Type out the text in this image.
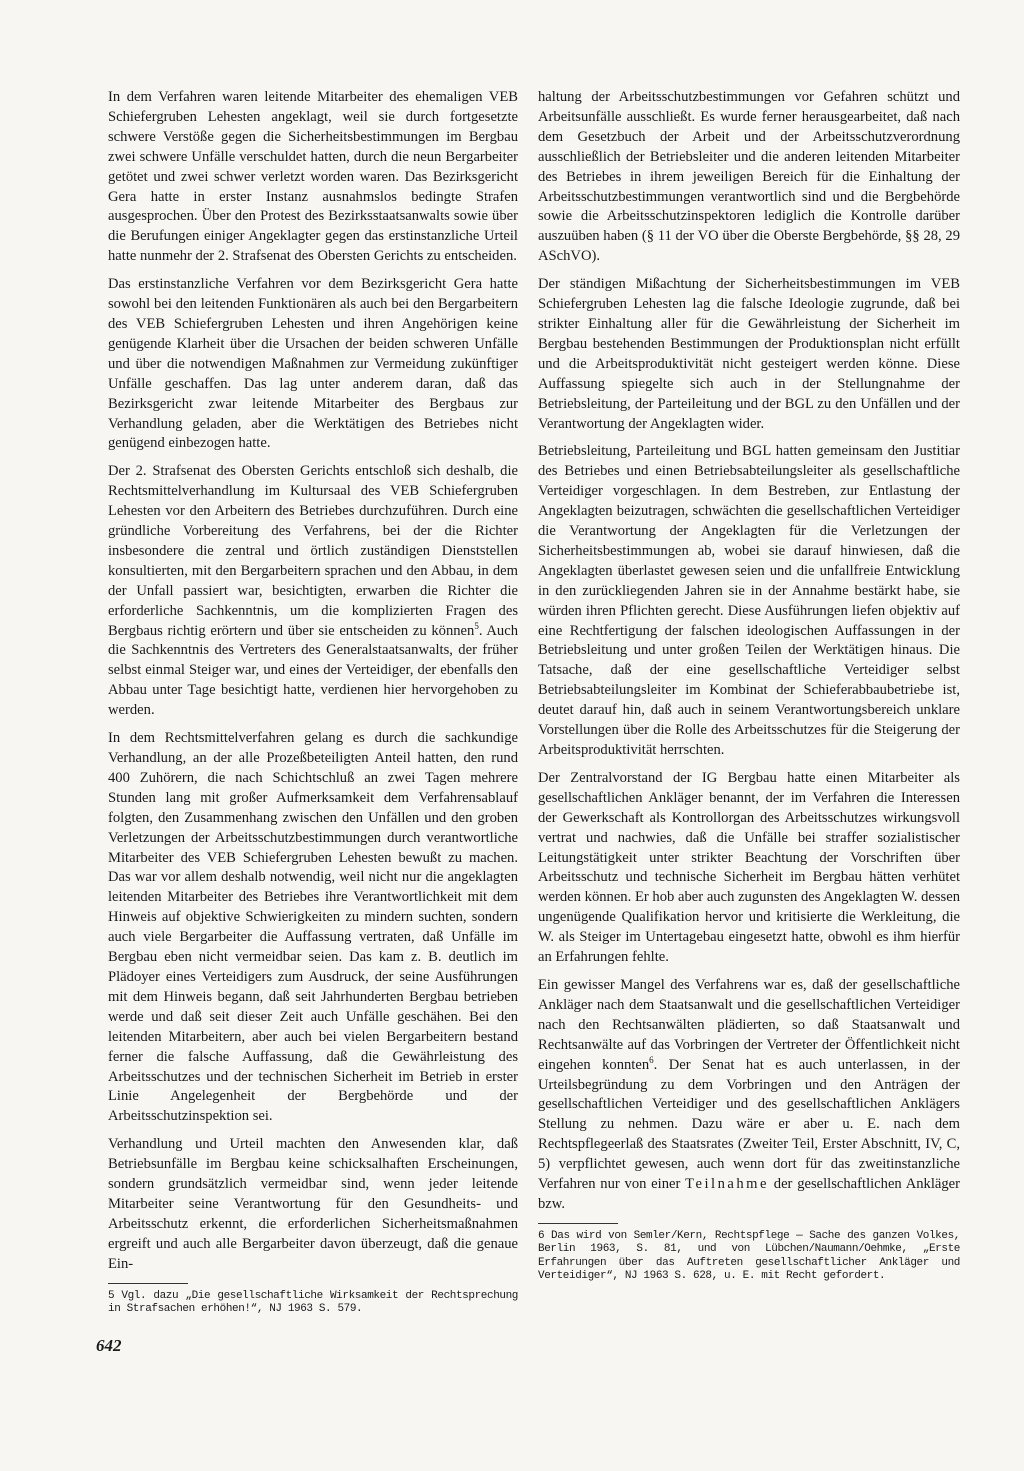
In dem Verfahren waren leitende Mitarbeiter des ehemaligen VEB Schiefergruben Lehesten angeklagt, weil sie durch fortgesetzte schwere Verstöße gegen die Sicherheitsbestimmungen im Bergbau zwei schwere Unfälle verschuldet hatten, durch die neun Bergarbeiter getötet und zwei schwer verletzt worden waren. Das Bezirksgericht Gera hatte in erster Instanz ausnahmslos bedingte Strafen ausgesprochen. Über den Protest des Bezirksstaatsanwalts sowie über die Berufungen einiger Angeklagter gegen das erstinstanzliche Urteil hatte nunmehr der 2. Strafsenat des Obersten Gerichts zu entscheiden.

Das erstinstanzliche Verfahren vor dem Bezirksgericht Gera hatte sowohl bei den leitenden Funktionären als auch bei den Bergarbeitern des VEB Schiefergruben Lehesten und ihren Angehörigen keine genügende Klarheit über die Ursachen der beiden schweren Unfälle und über die notwendigen Maßnahmen zur Vermeidung zukünftiger Unfälle geschaffen. Das lag unter anderem daran, daß das Bezirksgericht zwar leitende Mitarbeiter des Bergbaus zur Verhandlung geladen, aber die Werktätigen des Betriebes nicht genügend einbezogen hatte.

Der 2. Strafsenat des Obersten Gerichts entschloß sich deshalb, die Rechtsmittelverhandlung im Kultursaal des VEB Schiefergruben Lehesten vor den Arbeitern des Betriebes durchzuführen. Durch eine gründliche Vorbereitung des Verfahrens, bei der die Richter insbesondere die zentral und örtlich zuständigen Dienststellen konsultierten, mit den Bergarbeitern sprachen und den Abbau, in dem der Unfall passiert war, besichtigten, erwarben die Richter die erforderliche Sachkenntnis, um die komplizierten Fragen des Bergbaus richtig erörtern und über sie entscheiden zu können$^5$. Auch die Sachkenntnis des Vertreters des Generalstaatsanwalts, der früher selbst einmal Steiger war, und eines der Verteidiger, der ebenfalls den Abbau unter Tage besichtigt hatte, verdienen hier hervorgehoben zu werden.

In dem Rechtsmittelverfahren gelang es durch die sachkundige Verhandlung, an der alle Prozeßbeteiligten Anteil hatten, den rund 400 Zuhörern, die nach Schichtschluß an zwei Tagen mehrere Stunden lang mit großer Aufmerksamkeit dem Verfahrensablauf folgten, den Zusammenhang zwischen den Unfällen und den groben Verletzungen der Arbeitsschutzbestimmungen durch verantwortliche Mitarbeiter des VEB Schiefergruben Lehesten bewußt zu machen. Das war vor allem deshalb notwendig, weil nicht nur die angeklagten leitenden Mitarbeiter des Betriebes ihre Verantwortlichkeit mit dem Hinweis auf objektive Schwierigkeiten zu mindern suchten, sondern auch viele Bergarbeiter die Auffassung vertraten, daß Unfälle im Bergbau eben nicht vermeidbar seien. Das kam z. B. deutlich im Plädoyer eines Verteidigers zum Ausdruck, der seine Ausführungen mit dem Hinweis begann, daß seit Jahrhunderten Bergbau betrieben werde und daß seit dieser Zeit auch Unfälle geschähen. Bei den leitenden Mitarbeitern, aber auch bei vielen Bergarbeitern bestand ferner die falsche Auffassung, daß die Gewährleistung des Arbeitsschutzes und der technischen Sicherheit im Betrieb in erster Linie Angelegenheit der Bergbehörde und der Arbeitsschutzinspektion sei.

Verhandlung und Urteil machten den Anwesenden klar, daß Betriebsunfälle im Bergbau keine schicksalhaften Erscheinungen, sondern grundsätzlich vermeidbar sind, wenn jeder leitende Mitarbeiter seine Verantwortung für den Gesundheits- und Arbeitsschutz erkennt, die erforderlichen Sicherheitsmaßnahmen ergreift und auch alle Bergarbeiter davon überzeugt, daß die genaue Ein-

5 Vgl. dazu „Die gesellschaftliche Wirksamkeit der Rechtsprechung in Strafsachen erhöhen!“, NJ 1963 S. 579.

haltung der Arbeitsschutzbestimmungen vor Gefahren schützt und Arbeitsunfälle ausschließt. Es wurde ferner herausgearbeitet, daß nach dem Gesetzbuch der Arbeit und der Arbeitsschutzverordnung ausschließlich der Betriebsleiter und die anderen leitenden Mitarbeiter des Betriebes in ihrem jeweiligen Bereich für die Einhaltung der Arbeitsschutzbestimmungen verantwortlich sind und die Bergbehörde sowie die Arbeitsschutzinspektoren lediglich die Kontrolle darüber auszuüben haben (§ 11 der VO über die Oberste Bergbehörde, §§ 28, 29 ASchVO).

Der ständigen Mißachtung der Sicherheitsbestimmungen im VEB Schiefergruben Lehesten lag die falsche Ideologie zugrunde, daß bei strikter Einhaltung aller für die Gewährleistung der Sicherheit im Bergbau bestehenden Bestimmungen der Produktionsplan nicht erfüllt und die Arbeitsproduktivität nicht gesteigert werden könne. Diese Auffassung spiegelte sich auch in der Stellungnahme der Betriebsleitung, der Parteileitung und der BGL zu den Unfällen und der Verantwortung der Angeklagten wider.

Betriebsleitung, Parteileitung und BGL hatten gemeinsam den Justitiar des Betriebes und einen Betriebsabteilungsleiter als gesellschaftliche Verteidiger vorgeschlagen. In dem Bestreben, zur Entlastung der Angeklagten beizutragen, schwächten die gesellschaftlichen Verteidiger die Verantwortung der Angeklagten für die Verletzungen der Sicherheitsbestimmungen ab, wobei sie darauf hinwiesen, daß die Angeklagten überlastet gewesen seien und die unfallfreie Entwicklung in den zurückliegenden Jahren sie in der Annahme bestärkt habe, sie würden ihren Pflichten gerecht. Diese Ausführungen liefen objektiv auf eine Rechtfertigung der falschen ideologischen Auffassungen in der Betriebsleitung und unter großen Teilen der Werktätigen hinaus. Die Tatsache, daß der eine gesellschaftliche Verteidiger selbst Betriebsabteilungsleiter im Kombinat der Schieferabbaubetriebe ist, deutet darauf hin, daß auch in seinem Verantwortungsbereich unklare Vorstellungen über die Rolle des Arbeitsschutzes für die Steigerung der Arbeitsproduktivität herrschten.

Der Zentralvorstand der IG Bergbau hatte einen Mitarbeiter als gesellschaftlichen Ankläger benannt, der im Verfahren die Interessen der Gewerkschaft als Kontrollorgan des Arbeitsschutzes wirkungsvoll vertrat und nachwies, daß die Unfälle bei straffer sozialistischer Leitungstätigkeit unter strikter Beachtung der Vorschriften über Arbeitsschutz und technische Sicherheit im Bergbau hätten verhütet werden können. Er hob aber auch zugunsten des Angeklagten W. dessen ungenügende Qualifikation hervor und kritisierte die Werkleitung, die W. als Steiger im Untertagebau eingesetzt hatte, obwohl es ihm hierfür an Erfahrungen fehlte.

Ein gewisser Mangel des Verfahrens war es, daß der gesellschaftliche Ankläger nach dem Staatsanwalt und die gesellschaftlichen Verteidiger nach den Rechtsanwälten plädierten, so daß Staatsanwalt und Rechtsanwälte auf das Vorbringen der Vertreter der Öffentlichkeit nicht eingehen konnten$^6$. Der Senat hat es auch unterlassen, in der Urteilsbegründung zu dem Vorbringen und den Anträgen der gesellschaftlichen Verteidiger und des gesellschaftlichen Anklägers Stellung zu nehmen. Dazu wäre er aber u. E. nach dem Rechtspflegeerlaß des Staatsrates (Zweiter Teil, Erster Abschnitt, IV, C, 5) verpflichtet gewesen, auch wenn dort für das zweitinstanzliche Verfahren nur von einer Teilnahme der gesellschaftlichen Ankläger bzw.

6 Das wird von Semler/Kern, Rechtspflege — Sache des ganzen Volkes, Berlin 1963, S. 81, und von Lübchen/Naumann/Oehmke, „Erste Erfahrungen über das Auftreten gesellschaftlicher Ankläger und Verteidiger“, NJ 1963 S. 628, u. E. mit Recht gefordert.

642
